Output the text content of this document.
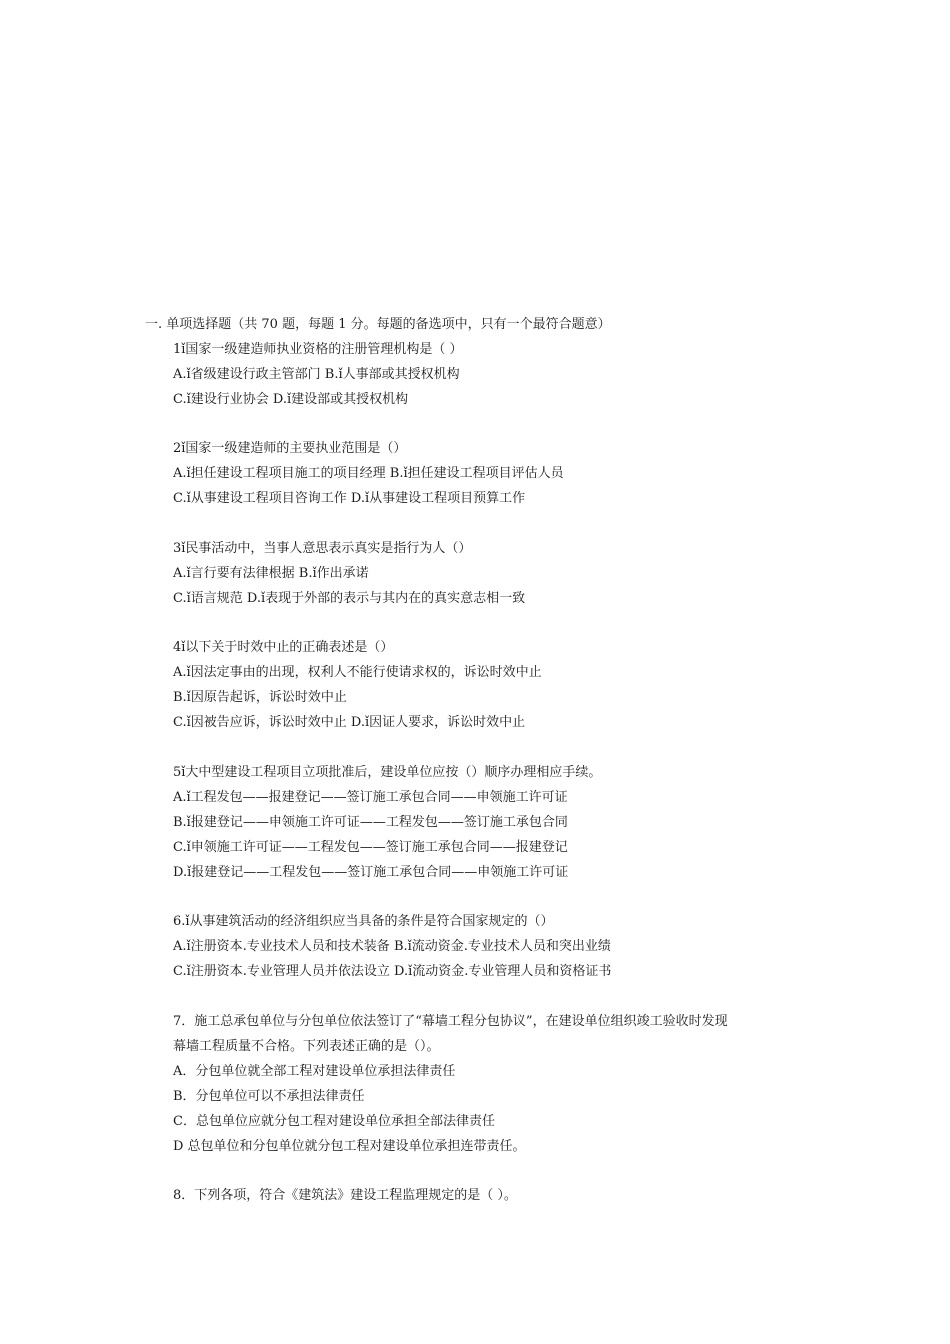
一. 单项选择题（共 70 题，每题 1 分。每题的备选项中，只有一个最符合题意）
1ǐ国家一级建造师执业资格的注册管理机构是（ ）
A.ǐ省级建设行政主管部门 B.ǐ人事部或其授权机构
C.ǐ建设行业协会 D.ǐ建设部或其授权机构
2ǐ国家一级建造师的主要执业范围是（）
A.ǐ担任建设工程项目施工的项目经理 B.ǐ担任建设工程项目评估人员
C.ǐ从事建设工程项目咨询工作 D.ǐ从事建设工程项目预算工作
3ǐ民事活动中，当事人意思表示真实是指行为人（）
A.ǐ言行要有法律根据 B.ǐ作出承诺
C.ǐ语言规范 D.ǐ表现于外部的表示与其内在的真实意志相一致
4ǐ以下关于时效中止的正确表述是（）
A.ǐ因法定事由的出现，权利人不能行使请求权的，诉讼时效中止
B.ǐ因原告起诉，诉讼时效中止
C.ǐ因被告应诉，诉讼时效中止 D.ǐ因证人要求，诉讼时效中止
5ǐ大中型建设工程项目立项批准后，建设单位应按（）顺序办理相应手续。
A.ǐ工程发包——报建登记——签订施工承包合同——申领施工许可证
B.ǐ报建登记——申领施工许可证——工程发包——签订施工承包合同
C.ǐ申领施工许可证——工程发包——签订施工承包合同——报建登记
D.ǐ报建登记——工程发包——签订施工承包合同——申领施工许可证
6.ǐ从事建筑活动的经济组织应当具备的条件是符合国家规定的（）
A.ǐ注册资本.专业技术人员和技术装备 B.ǐ流动资金.专业技术人员和突出业绩
C.ǐ注册资本.专业管理人员并依法设立 D.ǐ流动资金.专业管理人员和资格证书
7．施工总承包单位与分包单位依法签订了“幕墙工程分包协议”，在建设单位组织竣工验收时发现
幕墙工程质量不合格。下列表述正确的是（）。
A．分包单位就全部工程对建设单位承担法律责任
B．分包单位可以不承担法律责任
C．总包单位应就分包工程对建设单位承担全部法律责任
D 总包单位和分包单位就分包工程对建设单位承担连带责任。
8．下列各项，符合《建筑法》建设工程监理规定的是（ ）。
